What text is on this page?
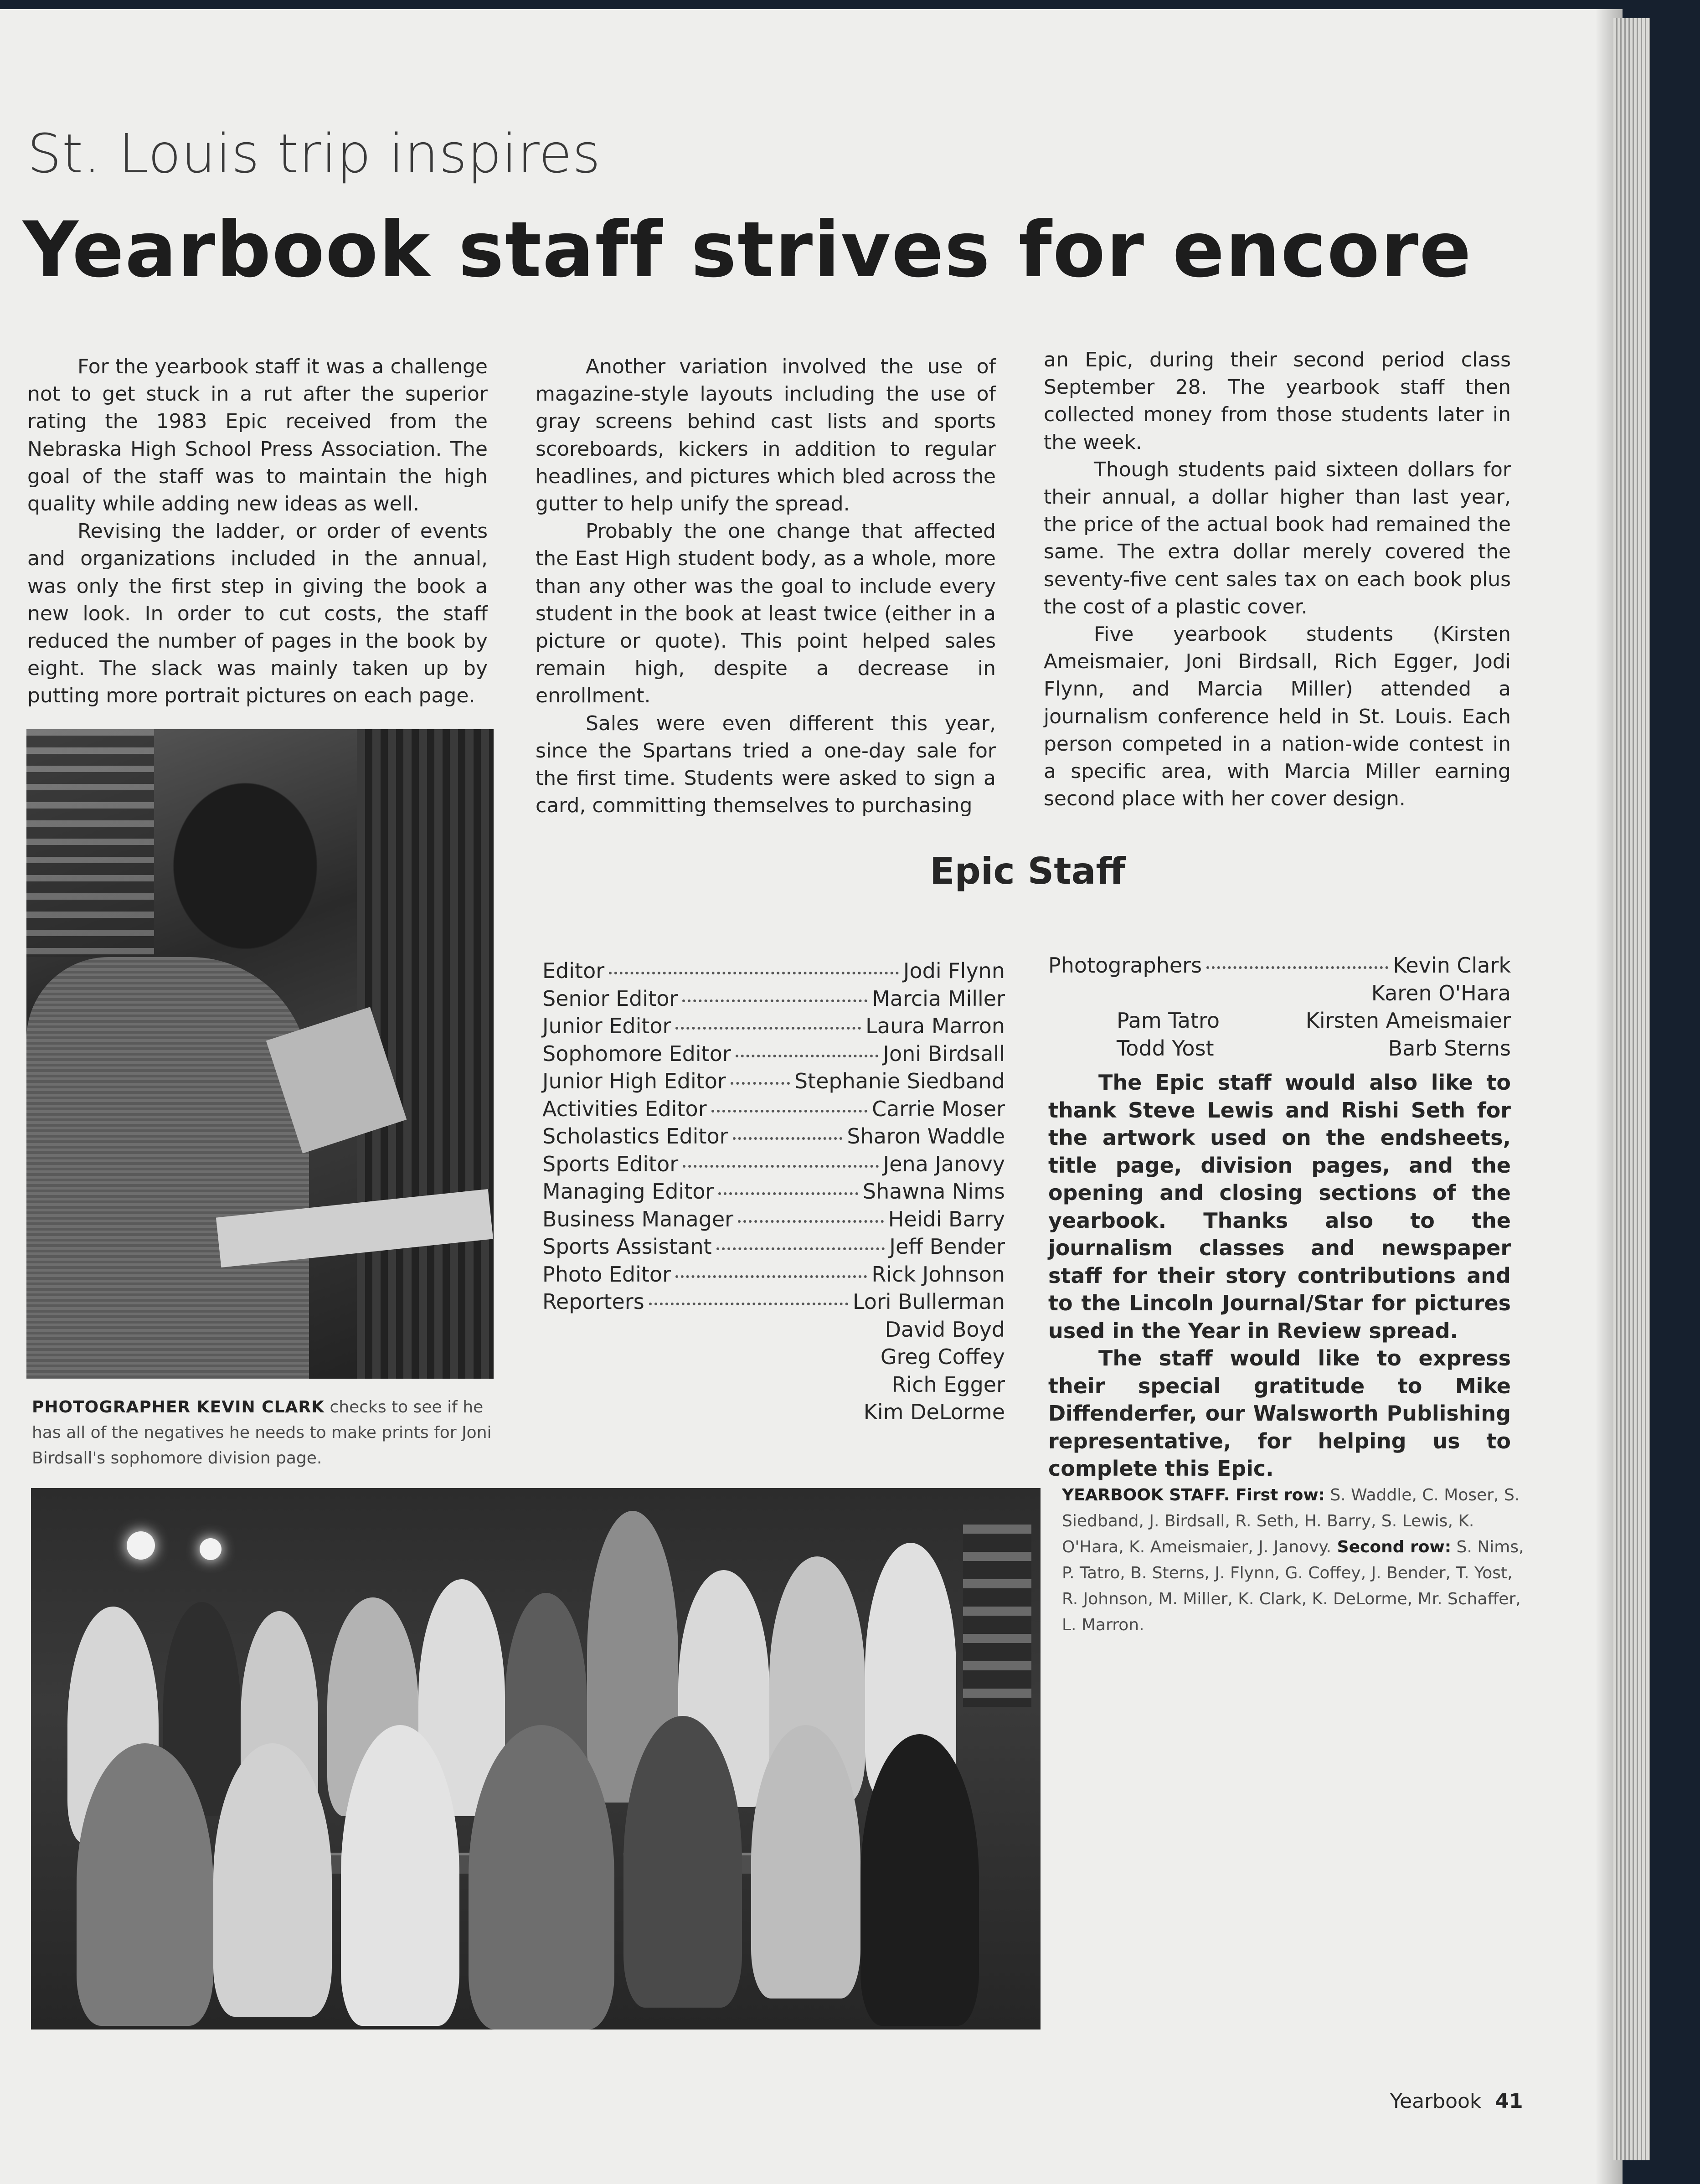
St. Louis trip inspires
Yearbook staff strives for encore

For the yearbook staff it was a challenge not to get stuck in a rut after the superior rating the 1983 Epic received from the Nebraska High School Press Association. The goal of the staff was to maintain the high quality while adding new ideas as well.

Revising the ladder, or order of events and organizations included in the annual, was only the first step in giving the book a new look. In order to cut costs, the staff reduced the number of pages in the book by eight. The slack was mainly taken up by putting more portrait pictures on each page.

Another variation involved the use of magazine-style layouts including the use of gray screens behind cast lists and sports scoreboards, kickers in addition to regular headlines, and pictures which bled across the gutter to help unify the spread.

Probably the one change that affected the East High student body, as a whole, more than any other was the goal to include every student in the book at least twice (either in a picture or quote). This point helped sales remain high, despite a decrease in enrollment.

Sales were even different this year, since the Spartans tried a one-day sale for the first time. Students were asked to sign a card, committing themselves to purchasing

an Epic, during their second period class September 28. The yearbook staff then collected money from those students later in the week.

Though students paid sixteen dollars for their annual, a dollar higher than last year, the price of the actual book had remained the same. The extra dollar merely covered the seventy-five cent sales tax on each book plus the cost of a plastic cover.

Five yearbook students (Kirsten Ameismaier, Joni Birdsall, Rich Egger, Jodi Flynn, and Marcia Miller) attended a journalism conference held in St. Louis. Each person competed in a nation-wide contest in a specific area, with Marcia Miller earning second place with her cover design.

PHOTOGRAPHER KEVIN CLARK checks to see if he has all of the negatives he needs to make prints for Joni Birdsall's sophomore division page.

Epic Staff
Editor	Jodi Flynn
Senior Editor	Marcia Miller
Junior Editor	Laura Marron
Sophomore Editor	Joni Birdsall
Junior High Editor	Stephanie Siedband
Activities Editor	Carrie Moser
Scholastics Editor	Sharon Waddle
Sports Editor	Jena Janovy
Managing Editor	Shawna Nims
Business Manager	Heidi Barry
Sports Assistant	Jeff Bender
Photo Editor	Rick Johnson
Reporters	Lori Bullerman
David Boyd
Greg Coffey
Rich Egger
Kim DeLorme
Photographers	Kevin Clark
Karen O'Hara
Pam Tatro	Kirsten Ameismaier
Todd Yost	Barb Sterns

The Epic staff would also like to thank Steve Lewis and Rishi Seth for the artwork used on the endsheets, title page, division pages, and the opening and closing sections of the yearbook. Thanks also to the journalism classes and newspaper staff for their story contributions and to the Lincoln Journal/Star for pictures used in the Year in Review spread.

The staff would like to express their special gratitude to Mike Diffenderfer, our Walsworth Publishing representative, for helping us to complete this Epic.

YEARBOOK STAFF. First row: S. Waddle, C. Moser, S. Siedband, J. Birdsall, R. Seth, H. Barry, S. Lewis, K. O'Hara, K. Ameismaier, J. Janovy. Second row: S. Nims, P. Tatro, B. Sterns, J. Flynn, G. Coffey, J. Bender, T. Yost, R. Johnson, M. Miller, K. Clark, K. DeLorme, Mr. Schaffer, L. Marron.

Yearbook 41
